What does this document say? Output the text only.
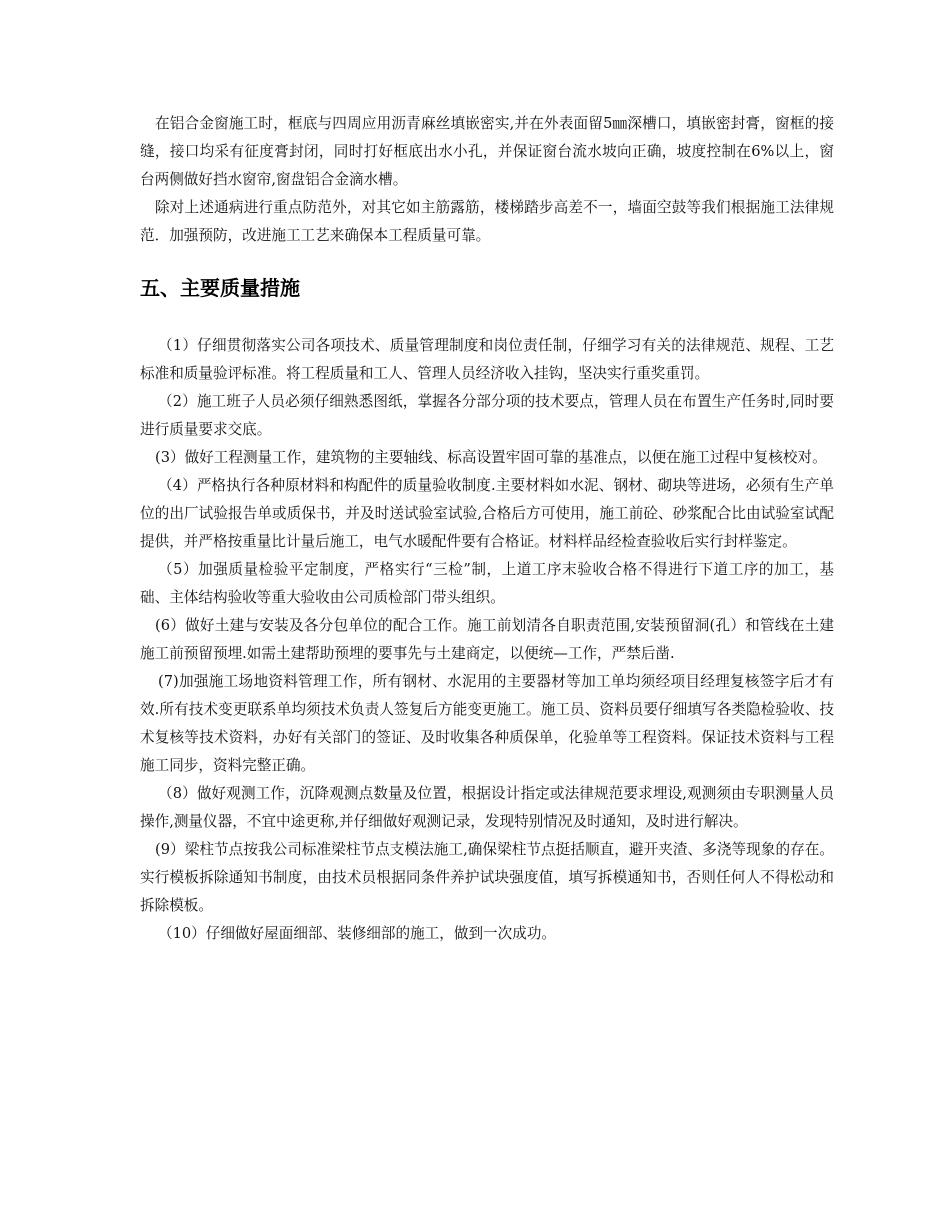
在铝合金窗施工时，框底与四周应用沥青麻丝填嵌密实,并在外表面留5㎜深槽口，填嵌密封膏，窗框的接缝，接口均采有征度膏封闭，同时打好框底出水小孔，并保证窗台流水坡向正确，坡度控制在6%以上，窗台两侧做好挡水窗帘,窗盘铝合金滴水槽。

除对上述通病进行重点防范外，对其它如主筋露筋，楼梯踏步高差不一，墙面空鼓等我们根据施工法律规范．加强预防，改进施工工艺来确保本工程质量可靠。

五、主要质量措施

（1）仔细贯彻落实公司各项技术、质量管理制度和岗位责任制，仔细学习有关的法律规范、规程、工艺标准和质量验评标准。将工程质量和工人、管理人员经济收入挂钩，坚决实行重奖重罚。

（2）施工班子人员必须仔细熟悉图纸，掌握各分部分项的技术要点，管理人员在布置生产任务时,同时要进行质量要求交底。

(3）做好工程测量工作，建筑物的主要轴线、标高设置牢固可靠的基准点，以便在施工过程中复核校对。

（4）严格执行各种原材料和构配件的质量验收制度.主要材料如水泥、钢材、砌块等进场，必须有生产单位的出厂试验报告单或质保书，并及时送试验室试验,合格后方可使用，施工前砼、砂浆配合比由试验室试配提供，并严格按重量比计量后施工，电气水暖配件要有合格证。材料样品经检查验收后实行封样鉴定。

（5）加强质量检验平定制度，严格实行“三检”制，上道工序末验收合格不得进行下道工序的加工，基础、主体结构验收等重大验收由公司质检部门带头组织。

(6）做好土建与安装及各分包单位的配合工作。施工前划清各自职责范围,安装预留洞(孔）和管线在土建施工前预留预埋.如需土建帮助预埋的要事先与土建商定，以便统—工作，严禁后凿.

(7)加强施工场地资料管理工作，所有钢材、水泥用的主要器材等加工单均须经项目经理复核签字后才有效.所有技术变更联系单均须技术负责人签复后方能变更施工。施工员、资料员要仔细填写各类隐检验收、技术复核等技术资料，办好有关部门的签证、及时收集各种质保单，化验单等工程资料。保证技术资料与工程施工同步，资料完整正确。

（8）做好观测工作，沉降观测点数量及位置，根据设计指定或法律规范要求埋设,观测须由专职测量人员操作,测量仪器，不宜中途更称,并仔细做好观测记录，发现特别情况及时通知，及时进行解决。

(9）梁柱节点按我公司标准梁柱节点支模法施工,确保梁柱节点挺括顺直，避开夹渣、多浇等现象的存在。实行模板拆除通知书制度，由技术员根据同条件养护试块强度值，填写拆模通知书，否则任何人不得松动和拆除模板。

（10）仔细做好屋面细部、装修细部的施工，做到一次成功。
